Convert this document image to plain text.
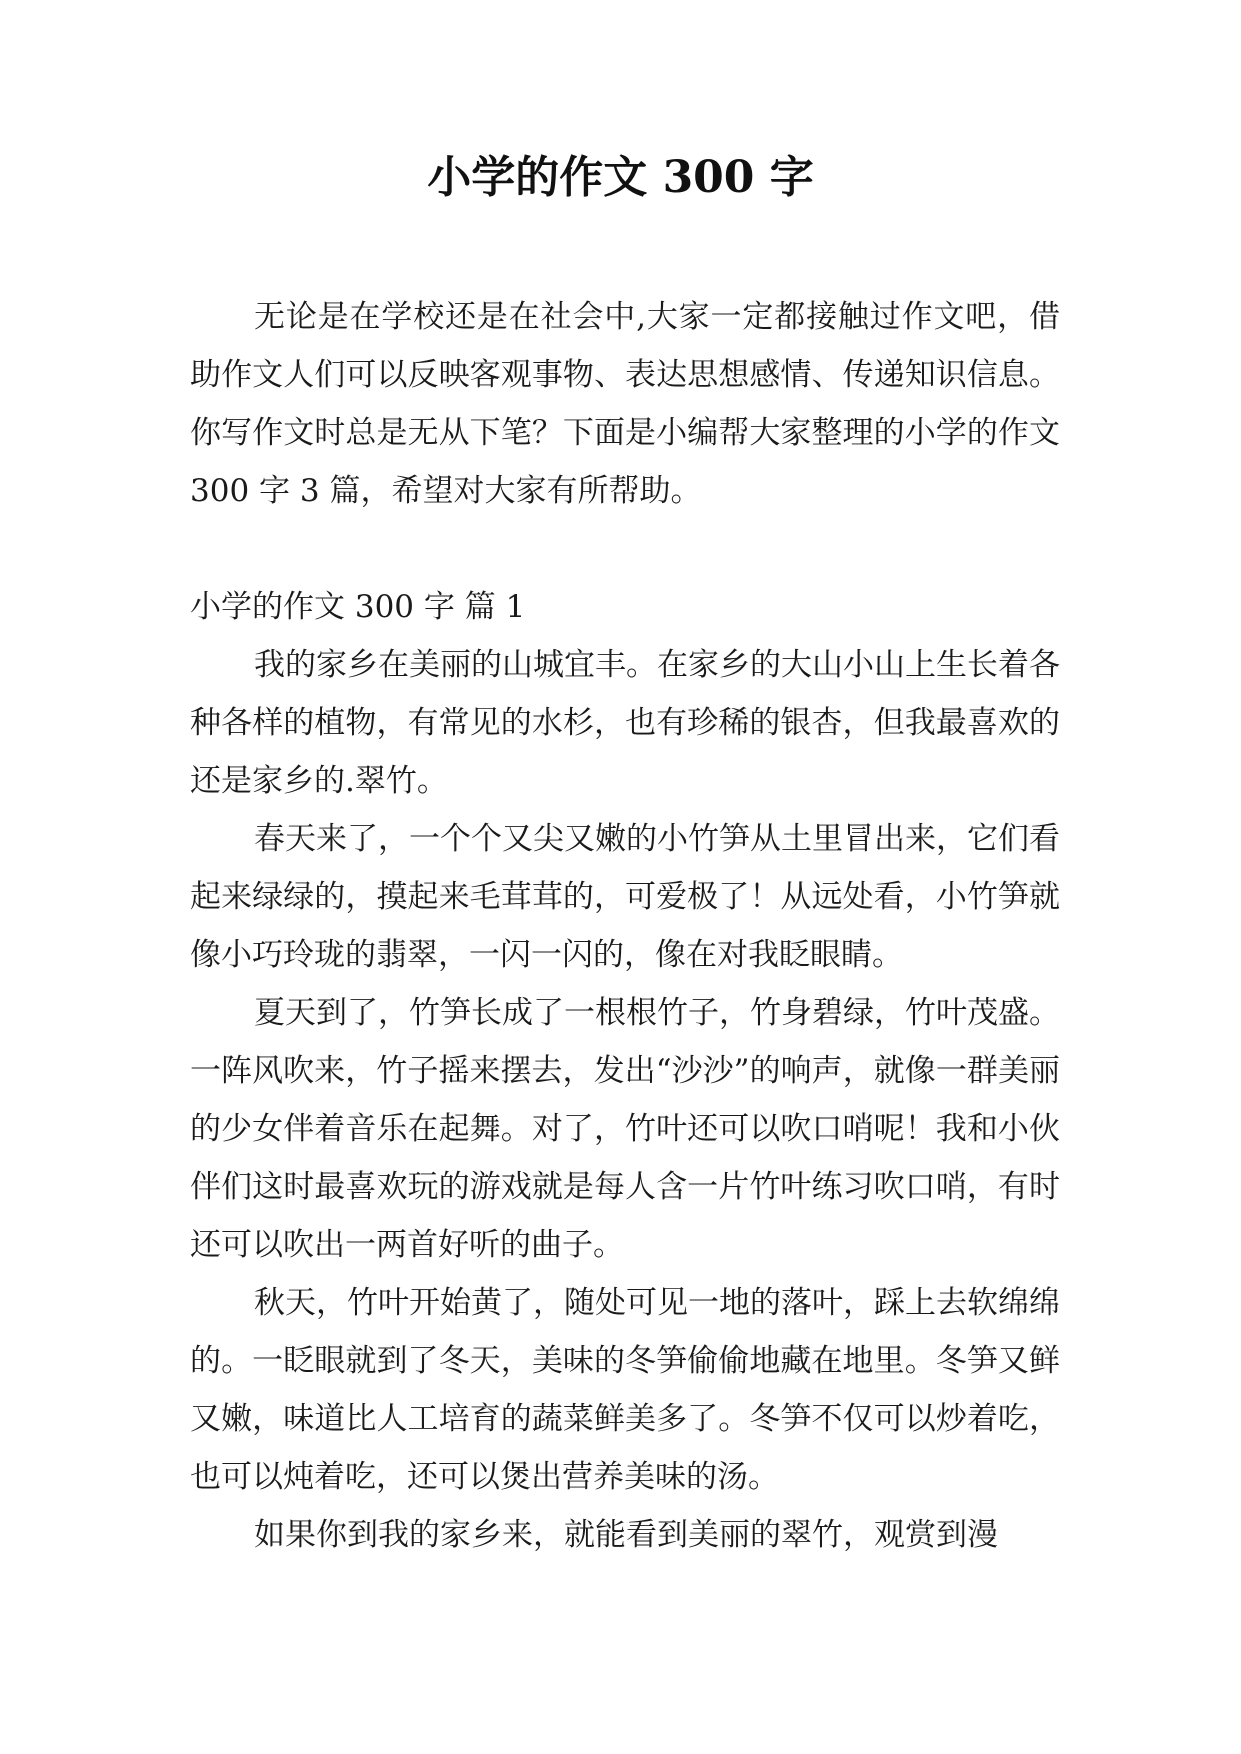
小学的作文 300 字

无论是在学校还是在社会中,大家一定都接触过作文吧，借助作文人们可以反映客观事物、表达思想感情、传递知识信息。你写作文时总是无从下笔？下面是小编帮大家整理的小学的作文 300 字 3 篇，希望对大家有所帮助。

小学的作文 300 字 篇 1

我的家乡在美丽的山城宜丰。在家乡的大山小山上生长着各种各样的植物，有常见的水杉，也有珍稀的银杏，但我最喜欢的还是家乡的.翠竹。

春天来了，一个个又尖又嫩的小竹笋从土里冒出来，它们看起来绿绿的，摸起来毛茸茸的，可爱极了！从远处看，小竹笋就像小巧玲珑的翡翠，一闪一闪的，像在对我眨眼睛。

夏天到了，竹笋长成了一根根竹子，竹身碧绿，竹叶茂盛。一阵风吹来，竹子摇来摆去，发出“沙沙”的响声，就像一群美丽的少女伴着音乐在起舞。对了，竹叶还可以吹口哨呢！我和小伙伴们这时最喜欢玩的游戏就是每人含一片竹叶练习吹口哨，有时还可以吹出一两首好听的曲子。

秋天，竹叶开始黄了，随处可见一地的落叶，踩上去软绵绵的。一眨眼就到了冬天，美味的冬笋偷偷地藏在地里。冬笋又鲜又嫩，味道比人工培育的蔬菜鲜美多了。冬笋不仅可以炒着吃，也可以炖着吃，还可以煲出营养美味的汤。

如果你到我的家乡来，就能看到美丽的翠竹，观赏到漫
